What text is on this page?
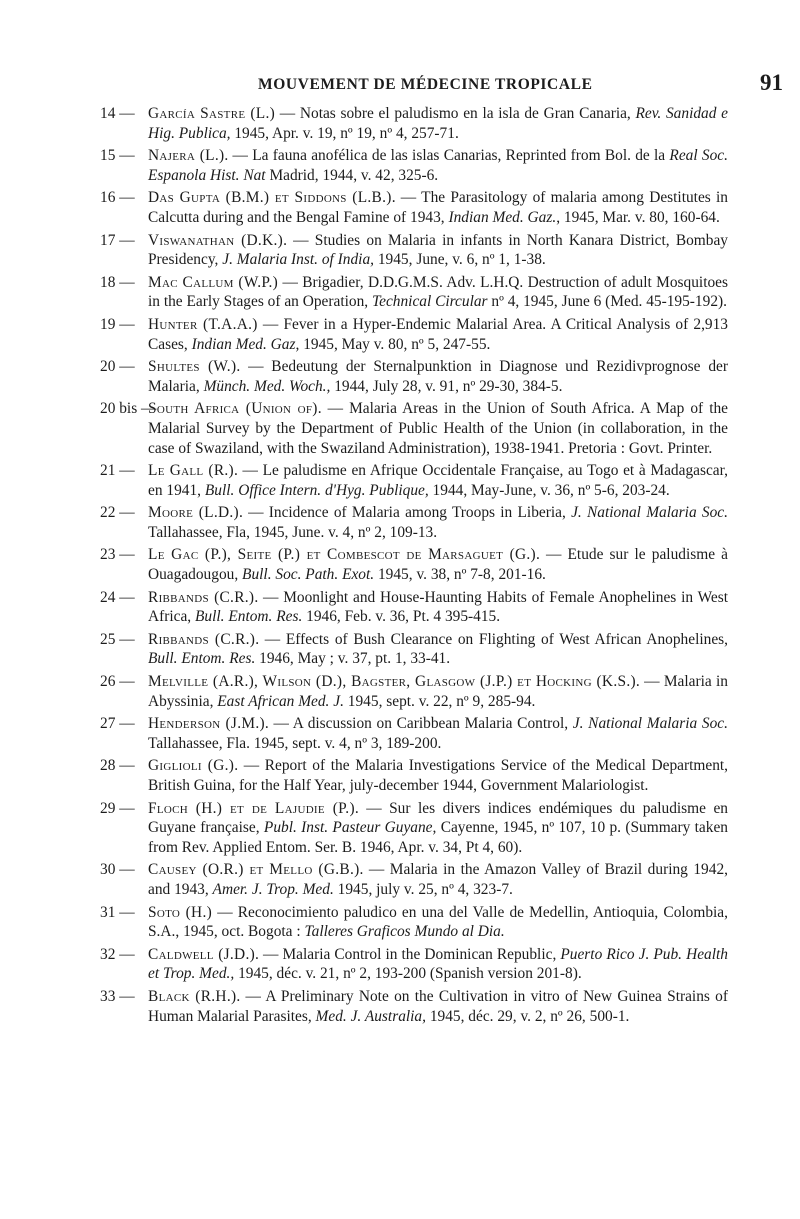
MOUVEMENT DE MÉDECINE TROPICALE	91
14 — García Sastre (L.) — Notas sobre el paludismo en la isla de Gran Canaria, Rev. Sanidad e Hig. Publica, 1945, Apr. v. 19, nº 19, nº 4, 257-71.
15 — Najera (L.). — La fauna anofélica de las islas Canarias, Reprinted from Bol. de la Real Soc. Espanola Hist. Nat Madrid, 1944, v. 42, 325-6.
16 — Das Gupta (B.M.) et Siddons (L.B.). — The Parasitology of malaria among Destitutes in Calcutta during and the Bengal Famine of 1943, Indian Med. Gaz., 1945, Mar. v. 80, 160-64.
17 — Viswanathan (D.K.). — Studies on Malaria in infants in North Kanara District, Bombay Presidency, J. Malaria Inst. of India, 1945, June, v. 6, nº 1, 1-38.
18 — Mac Callum (W.P.) — Brigadier, D.D.G.M.S. Adv. L.H.Q. Destruction of adult Mosquitoes in the Early Stages of an Operation, Technical Circular nº 4, 1945, June 6 (Med. 45-195-192).
19 — Hunter (T.A.A.) — Fever in a Hyper-Endemic Malarial Area. A Critical Analysis of 2,913 Cases, Indian Med. Gaz, 1945, May v. 80, nº 5, 247-55.
20 — Shultes (W.). — Bedeutung der Sternalpunktion in Diagnose und Rezidivprognose der Malaria, Münch. Med. Woch., 1944, July 28, v. 91, nº 29-30, 384-5.
20 bis —
South Africa (Union of). — Malaria Areas in the Union of South Africa. A Map of the Malarial Survey by the Department of Public Health of the Union (in collaboration, in the case of Swaziland, with the Swaziland Administration), 1938-1941. Pretoria : Govt. Printer.
21 — Le Gall (R.). — Le paludisme en Afrique Occidentale Française, au Togo et à Madagascar, en 1941, Bull. Office Intern. d'Hyg. Publique, 1944, May-June, v. 36, nº 5-6, 203-24.
22 — Moore (L.D.). — Incidence of Malaria among Troops in Liberia, J. National Malaria Soc. Tallahassee, Fla, 1945, June. v. 4, nº 2, 109-13.
23 — Le Gac (P.), Seite (P.) et Combescot de Marsaguet (G.). — Etude sur le paludisme à Ouagadougou, Bull. Soc. Path. Exot. 1945, v. 38, nº 7-8, 201-16.
24 — Ribbands (C.R.). — Moonlight and House-Haunting Habits of Female Anophelines in West Africa, Bull. Entom. Res. 1946, Feb. v. 36, Pt. 4 395-415.
25 — Ribbands (C.R.). — Effects of Bush Clearance on Flighting of West African Anophelines, Bull. Entom. Res. 1946, May ; v. 37, pt. 1, 33-41.
26 — Melville (A.R.), Wilson (D.), Bagster, Glasgow (J.P.) et Hocking (K.S.). — Malaria in Abyssinia, East African Med. J. 1945, sept. v. 22, nº 9, 285-94.
27 — Henderson (J.M.). — A discussion on Caribbean Malaria Control, J. National Malaria Soc. Tallahassee, Fla. 1945, sept. v. 4, nº 3, 189-200.
28 — Giglioli (G.). — Report of the Malaria Investigations Service of the Medical Department, British Guina, for the Half Year, july-december 1944, Government Malariologist.
29 — Floch (H.) et de Lajudie (P.). — Sur les divers indices endémiques du paludisme en Guyane française, Publ. Inst. Pasteur Guyane, Cayenne, 1945, nº 107, 10 p. (Summary taken from Rev. Applied Entom. Ser. B. 1946, Apr. v. 34, Pt 4, 60).
30 — Causey (O.R.) et Mello (G.B.). — Malaria in the Amazon Valley of Brazil during 1942, and 1943, Amer. J. Trop. Med. 1945, july v. 25, nº 4, 323-7.
31 — Soto (H.) — Reconocimiento paludico en una del Valle de Medellin, Antioquia, Colombia, S.A., 1945, oct. Bogota : Talleres Graficos Mundo al Dia.
32 — Caldwell (J.D.). — Malaria Control in the Dominican Republic, Puerto Rico J. Pub. Health et Trop. Med., 1945, déc. v. 21, nº 2, 193-200 (Spanish version 201-8).
33 — Black (R.H.). — A Preliminary Note on the Cultivation in vitro of New Guinea Strains of Human Malarial Parasites, Med. J. Australia, 1945, déc. 29, v. 2, nº 26, 500-1.
